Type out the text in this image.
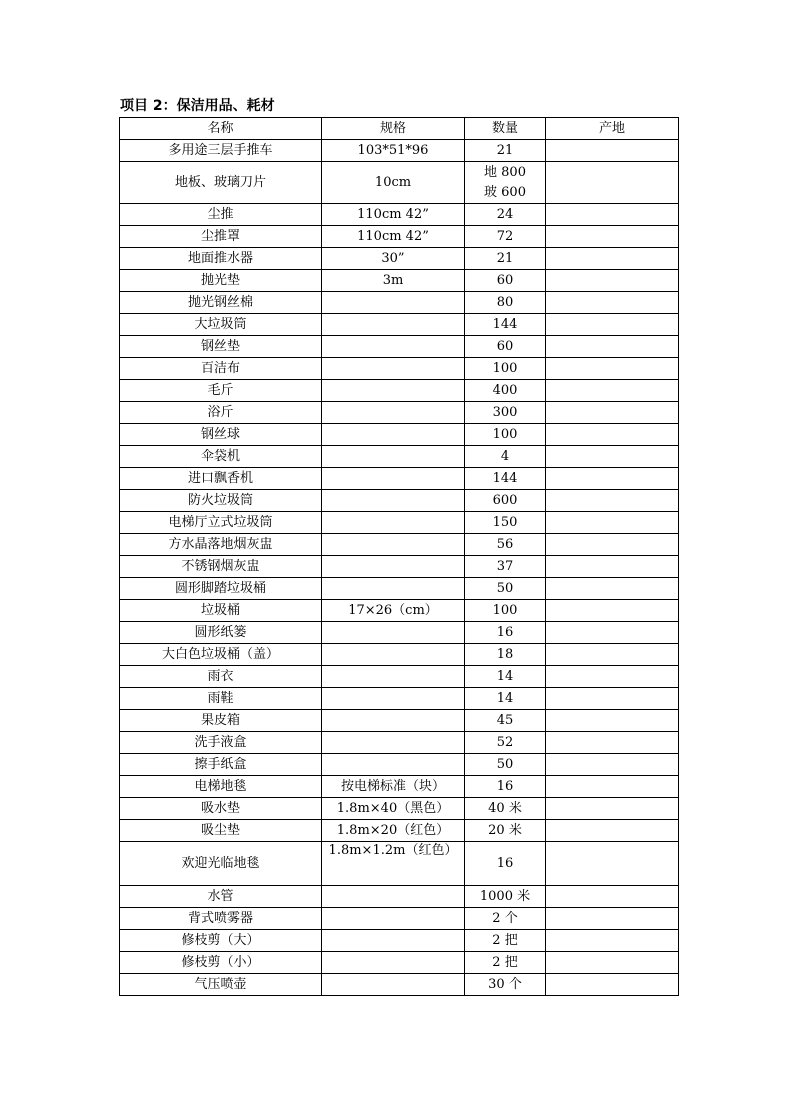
项目 2：保洁用品、耗材
名称	规格	数量	产地
多用途三层手推车	103*51*96	21	
地板、玻璃刀片	10cm	地 800
玻 600	

尘推	110cm 42”	24	
尘推罩	110cm 42”	72	
地面推水器	30”	21	
抛光垫	3m	60	
抛光钢丝棉		80	
大垃圾筒		144	
钢丝垫		60	
百洁布		100	
毛斤		400	
浴斤		300	
钢丝球		100	
伞袋机		4	
进口飘香机		144	
防火垃圾筒		600	
电梯厅立式垃圾筒		150	
方水晶落地烟灰盅		56	
不锈钢烟灰盅		37	
圆形脚踏垃圾桶		50	
垃圾桶	17×26（cm）	100	
圆形纸篓		16	
大白色垃圾桶（盖）		18	
雨衣		14	
雨鞋		14	
果皮箱		45	
洗手液盒		52	
擦手纸盒		50	
电梯地毯	按电梯标准（块）	16	
吸水垫	1.8m×40（黑色）	40 米	
吸尘垫	1.8m×20（红色）	20 米	
欢迎光临地毯	1.8m×1.2m（红色）	16	
水管		1000 米	
背式喷雾器		2 个	
修枝剪（大）		2 把	
修枝剪（小）		2 把	
气压喷壶		30 个	
